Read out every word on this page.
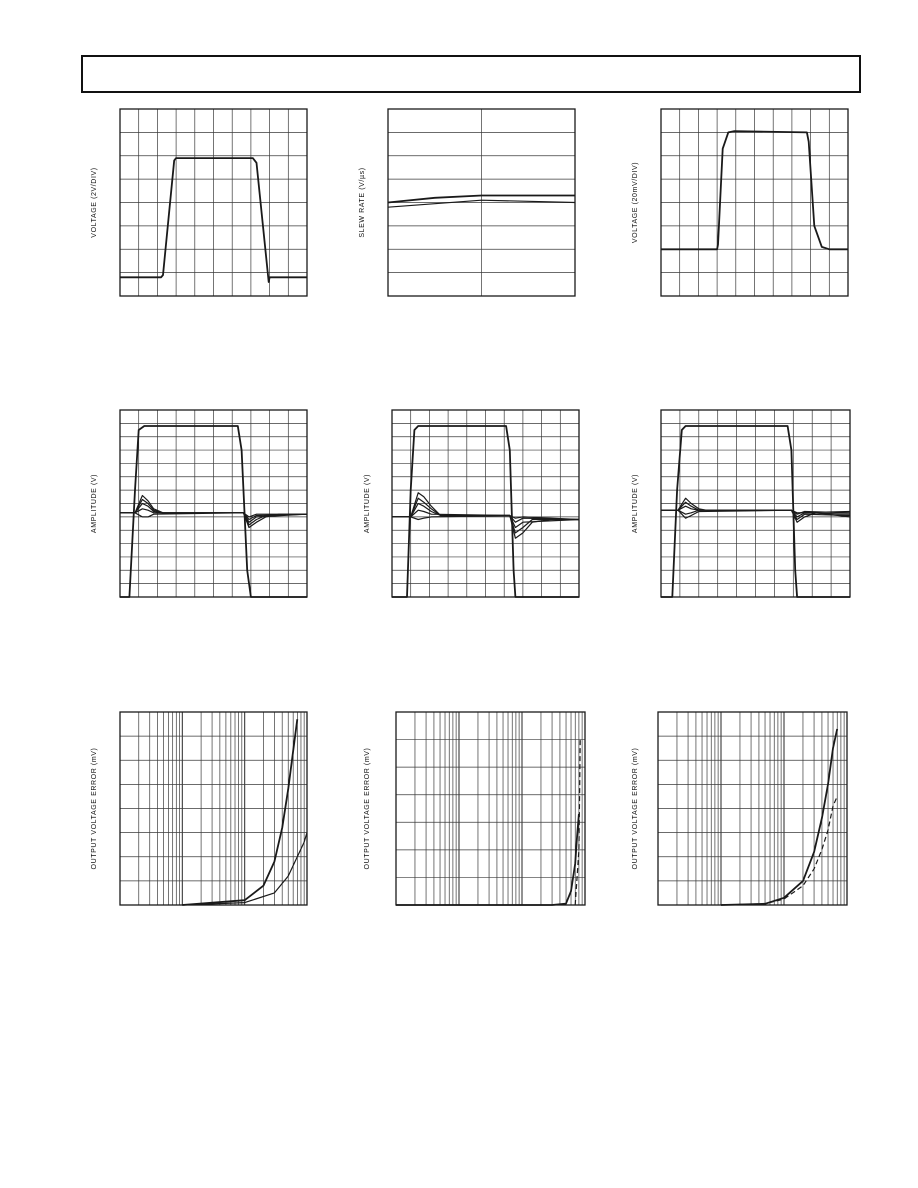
VOLTAGE (2V/DIV)	SLEW RATE (V/µs)	VOLTAGE (20mV/DIV)
AMPLITUDE (V)	AMPLITUDE (V)	AMPLITUDE (V)
OUTPUT VOLTAGE ERROR (mV)	OUTPUT VOLTAGE ERROR (mV)	OUTPUT VOLTAGE ERROR (mV)
